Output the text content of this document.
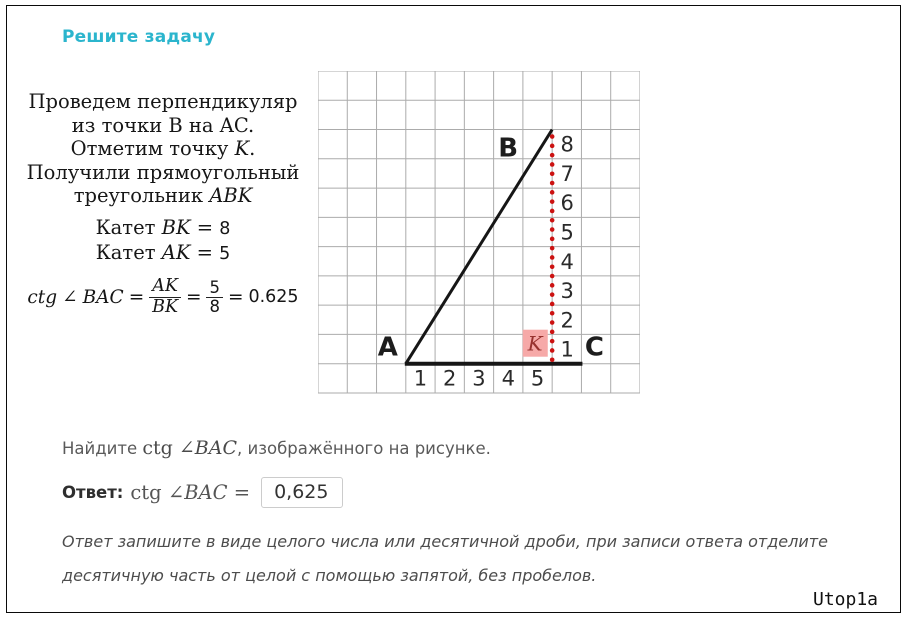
Решите задачу
Проведем перпендикуляр
из точки B на AC.
Отметим точку K.
Получили прямоугольный
треугольник ABK
Катет BK = 8
Катет AK = 5
ctg ∠ BAC = $\frac{AK}{BK} = \frac{5}{8} = 0.625$
K
A
B
C
8
7
6
5
4
3
2
1
1 2 3 4 5
Найдите ctg ∠BAC, изображённого на рисунке.
Ответ: ctg ∠BAC =
0,625
Ответ запишите в виде целого числа или десятичной дроби, при записи ответа отделите
десятичную часть от целой с помощью запятой, без пробелов.
Utop1a
